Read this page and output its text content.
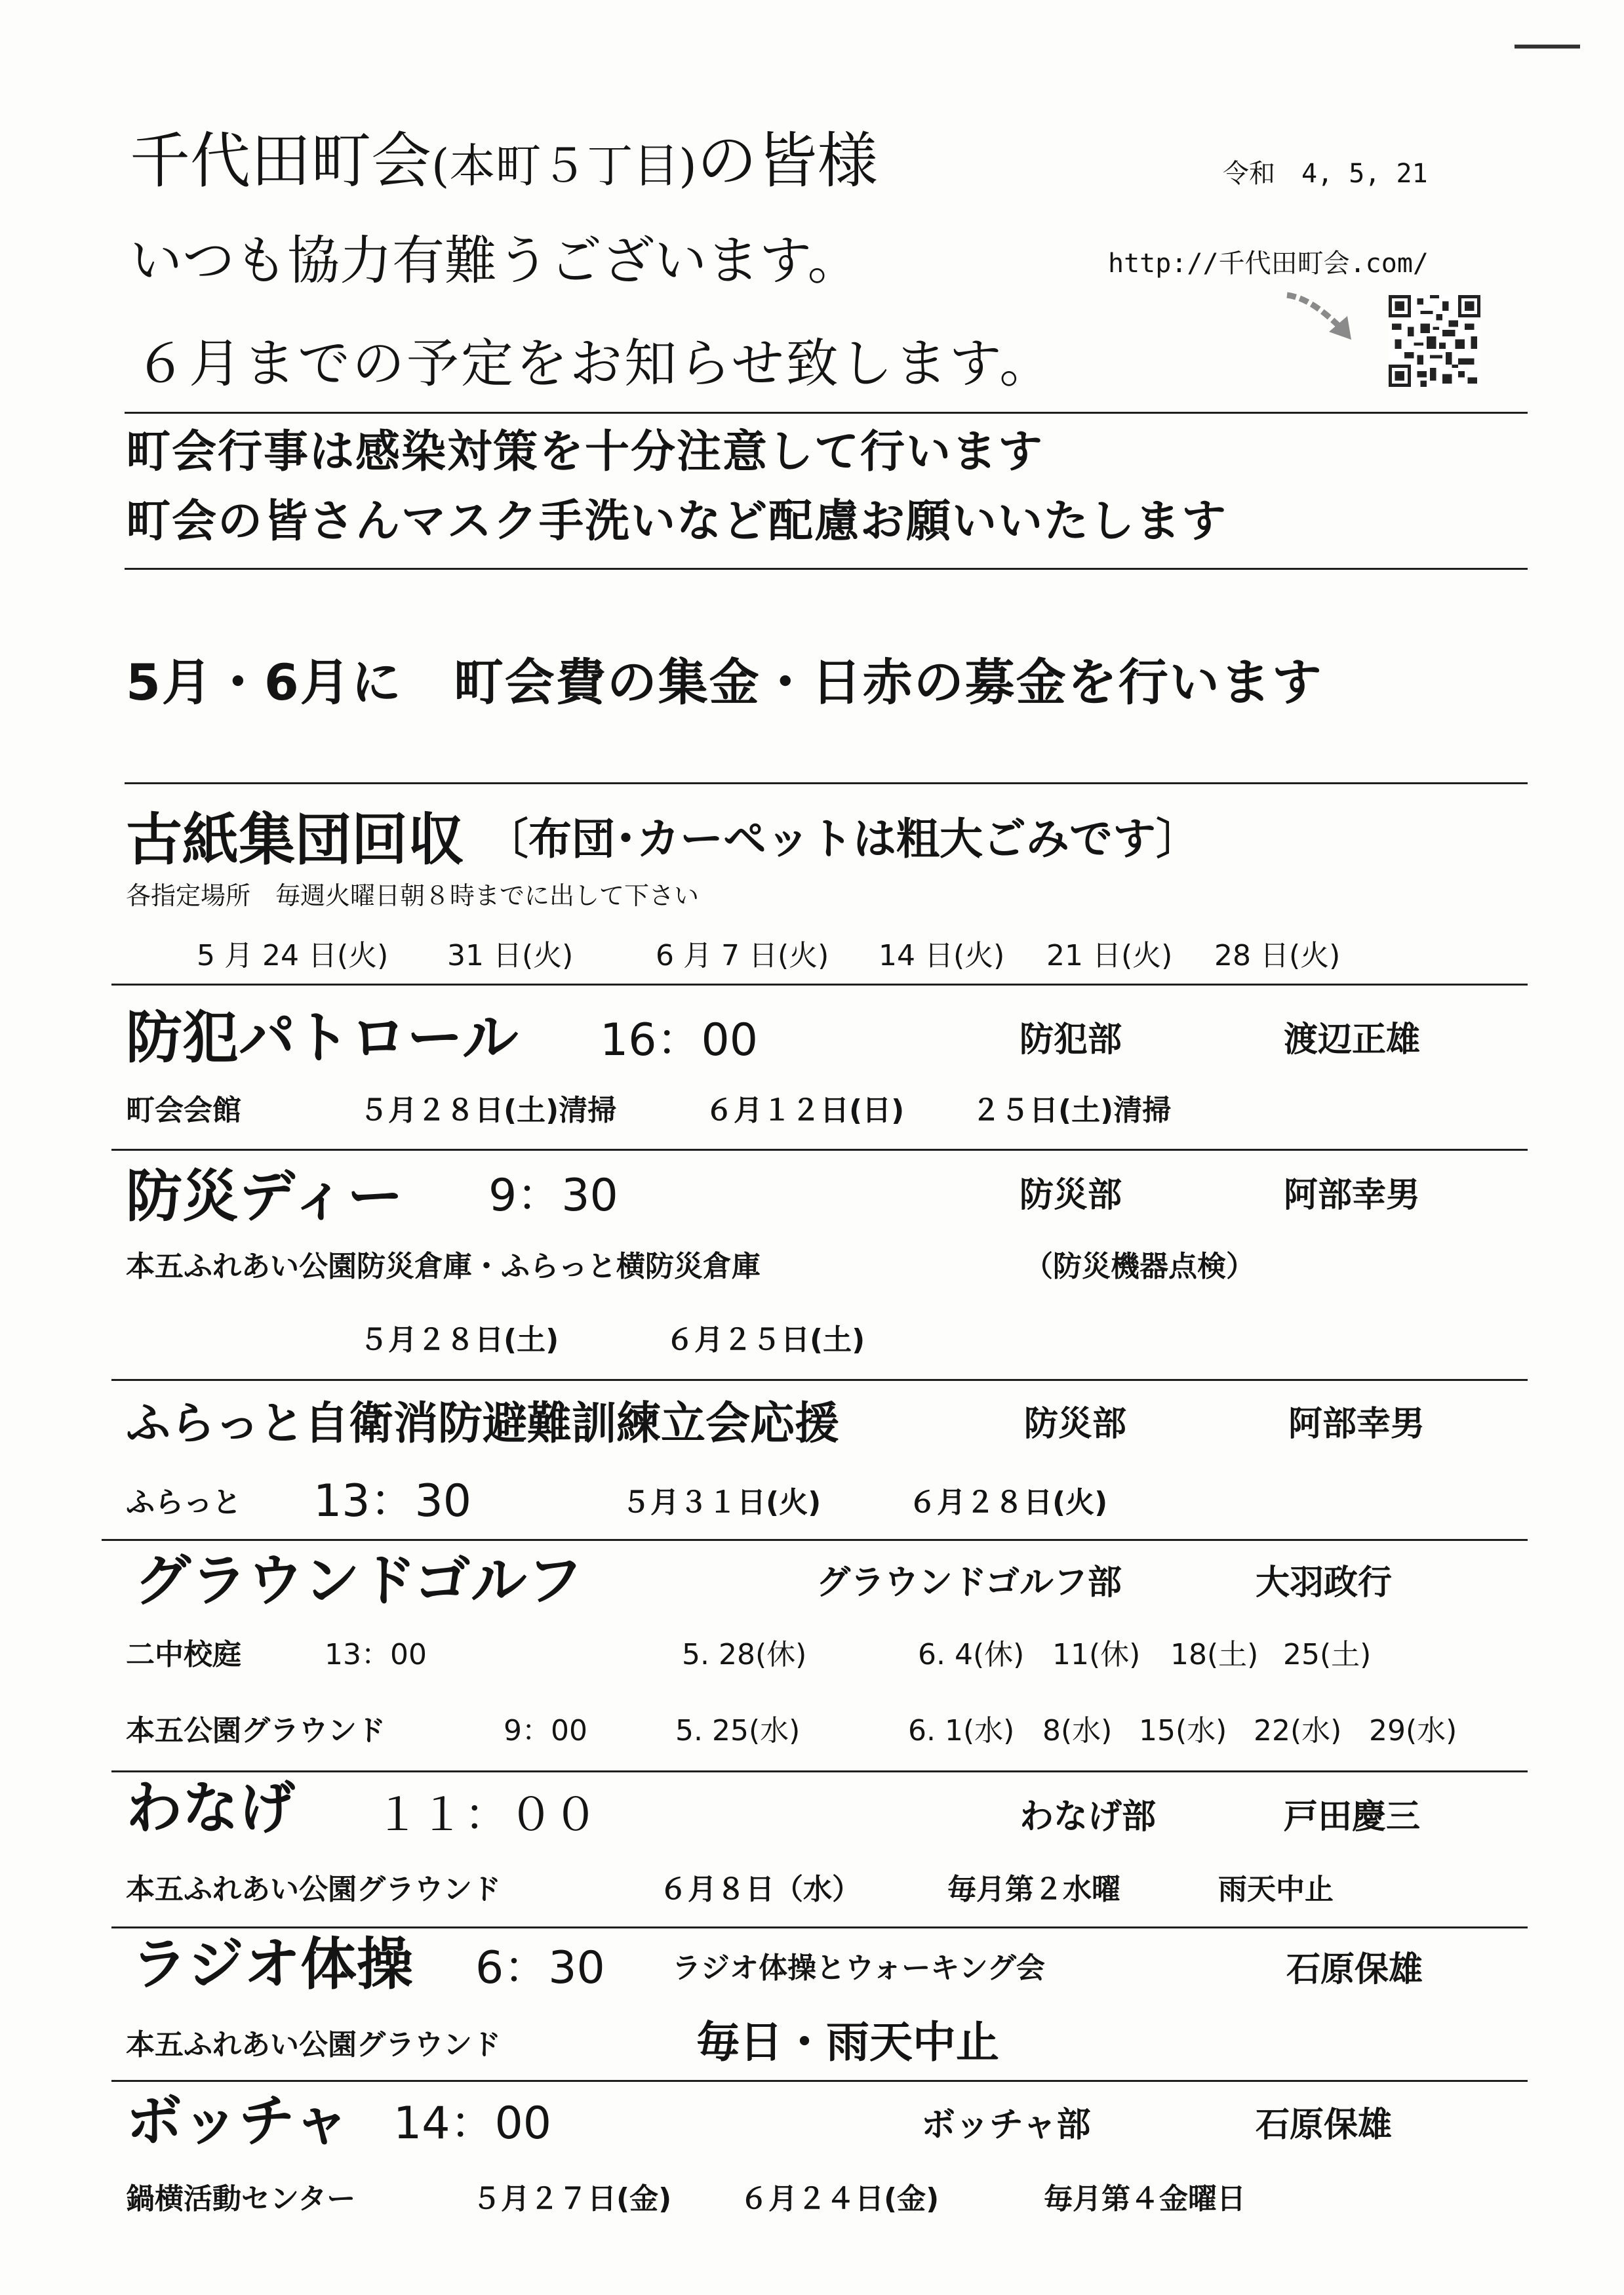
千代田町会(本町５丁目)の皆様	令和　4, 5, 21
いつも協力有難うございます。	http://千代田町会.com/
６月までの予定をお知らせ致します。
町会行事は感染対策を十分注意して行います
町会の皆さんマスク手洗いなど配慮お願いいたします
5月・6月に　町会費の集金・日赤の募金を行います
古紙集団回収 〔布団･カーペットは粗大ごみです〕
各指定場所　毎週火曜日朝８時までに出して下さい
5 月 24 日(火) 31 日(火)	6 月 7 日(火) 14 日(火) 21 日(火) 28 日(火)
防犯パトロール 16：00	防犯部	渡辺正雄
町会会館	５月２８日(土)清掃	６月１２日(日) ２５日(土)清掃
防災ディー 9：30	防災部	阿部幸男
本五ふれあい公園防災倉庫・ふらっと横防災倉庫	（防災機器点検）
５月２８日(土)	６月２５日(土)
ふらっと自衛消防避難訓練立会応援	防災部	阿部幸男
ふらっと 13：30	５月３１日(火)	６月２８日(火)
グラウンドゴルフ	グラウンドゴルフ部	大羽政行
二中校庭	13：00	5. 28(休)	6. 4(休) 11(休) 18(土) 25(土)
本五公園グラウンド	9：00	5. 25(水)	6. 1(水) 8(水) 15(水) 22(水) 29(水)
わなげ １１：００	わなげ部	戸田慶三
本五ふれあい公園グラウンド	６月８日（水）	毎月第２水曜	雨天中止
ラジオ体操 6：30 ラジオ体操とウォーキング会	石原保雄
本五ふれあい公園グラウンド	毎日・雨天中止
ボッチャ 14：00	ボッチャ部	石原保雄
鍋横活動センター	５月２７日(金) ６月２４日(金)	毎月第４金曜日
